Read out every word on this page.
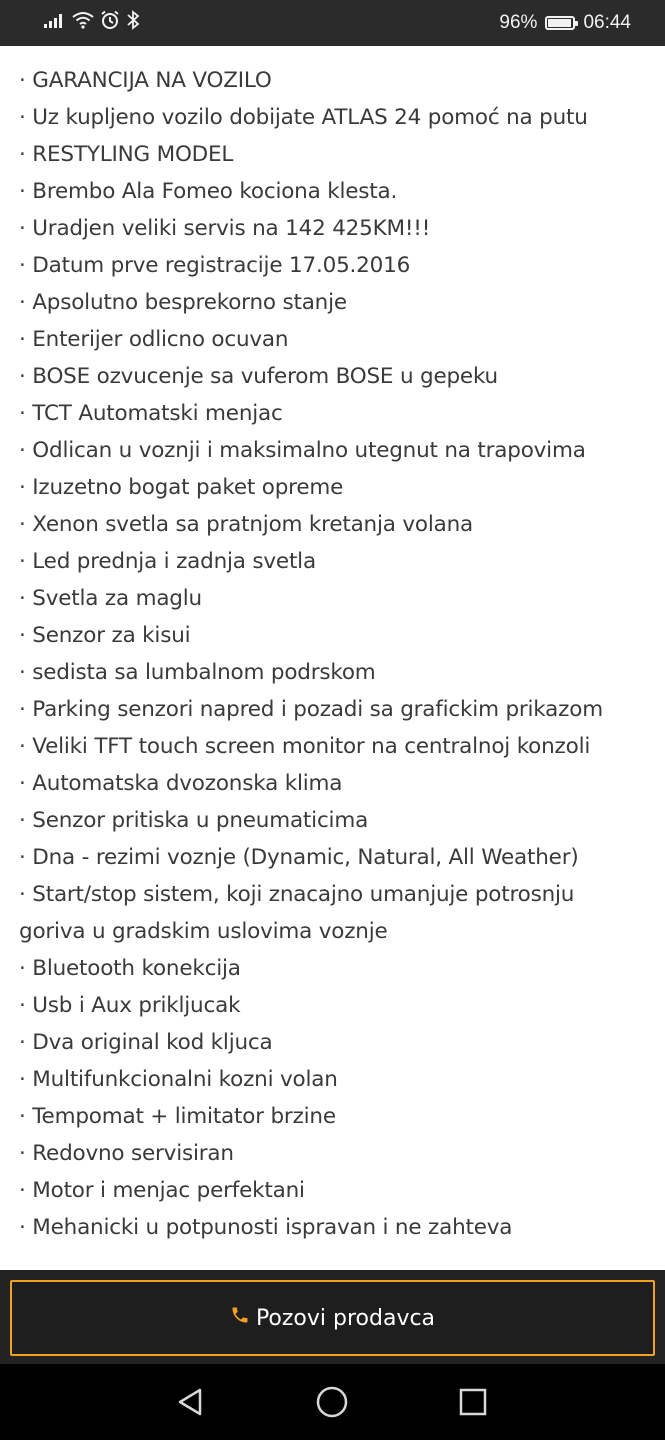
96% 06:44
· GARANCIJA NA VOZILO
· Uz kupljeno vozilo dobijate ATLAS 24 pomoć na putu
· RESTYLING MODEL
· Brembo Ala Fomeo kociona klesta.
· Uradjen veliki servis na 142 425KM!!!
· Datum prve registracije 17.05.2016
· Apsolutno besprekorno stanje
· Enterijer odlicno ocuvan
· BOSE ozvucenje sa vuferom BOSE u gepeku
· TCT Automatski menjac
· Odlican u voznji i maksimalno utegnut na trapovima
· Izuzetno bogat paket opreme
· Xenon svetla sa pratnjom kretanja volana
· Led prednja i zadnja svetla
· Svetla za maglu
· Senzor za kisui
· sedista sa lumbalnom podrskom
· Parking senzori napred i pozadi sa grafickim prikazom
· Veliki TFT touch screen monitor na centralnoj konzoli
· Automatska dvozonska klima
· Senzor pritiska u pneumaticima
· Dna - rezimi voznje (Dynamic, Natural, All Weather)
· Start/stop sistem, koji znacajno umanjuje potrosnju goriva u gradskim uslovima voznje
· Bluetooth konekcija
· Usb i Aux prikljucak
· Dva original kod kljuca
· Multifunkcionalni kozni volan
· Tempomat + limitator brzine
· Redovno servisiran
· Motor i menjac perfektani
· Mehanicki u potpunosti ispravan i ne zahteva
Pozovi prodavca
